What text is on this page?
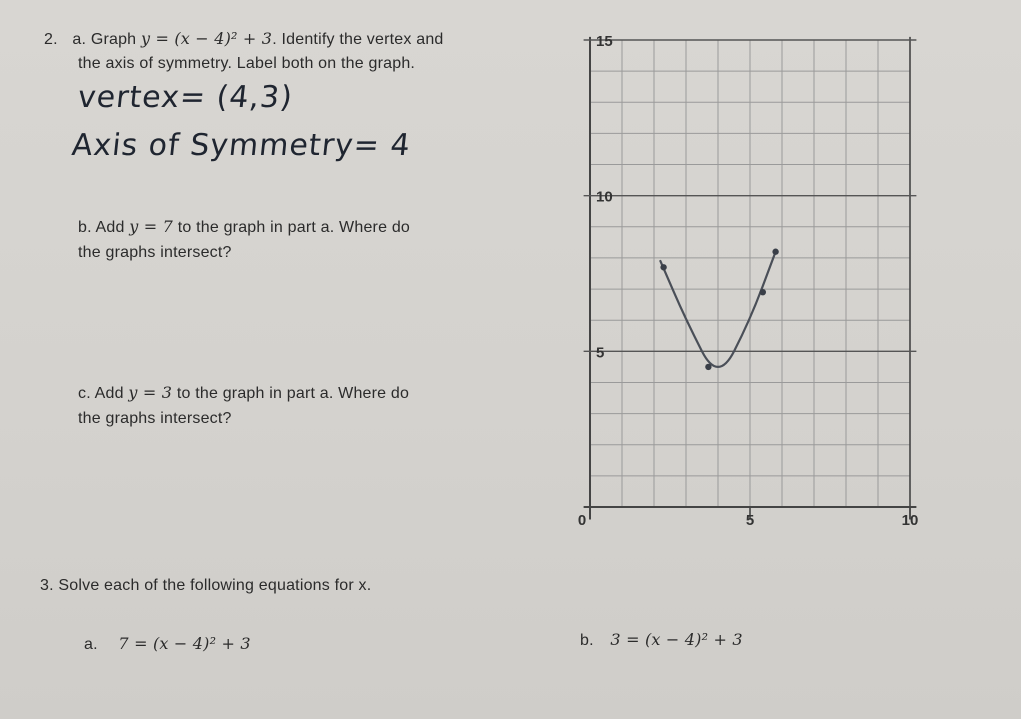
2. a. Graph y = (x − 4)² + 3. Identify the vertex and
the axis of symmetry. Label both on the graph.
vertex= (4,3)
Axis of Symmetry= 4
b. Add y = 7 to the graph in part a. Where do
the graphs intersect?
c. Add y = 3 to the graph in part a. Where do
the graphs intersect?
3. Solve each of the following equations for x.
a. 7 = (x − 4)² + 3	b. 3 = (x − 4)² + 3
0	5	10
5
10
15
